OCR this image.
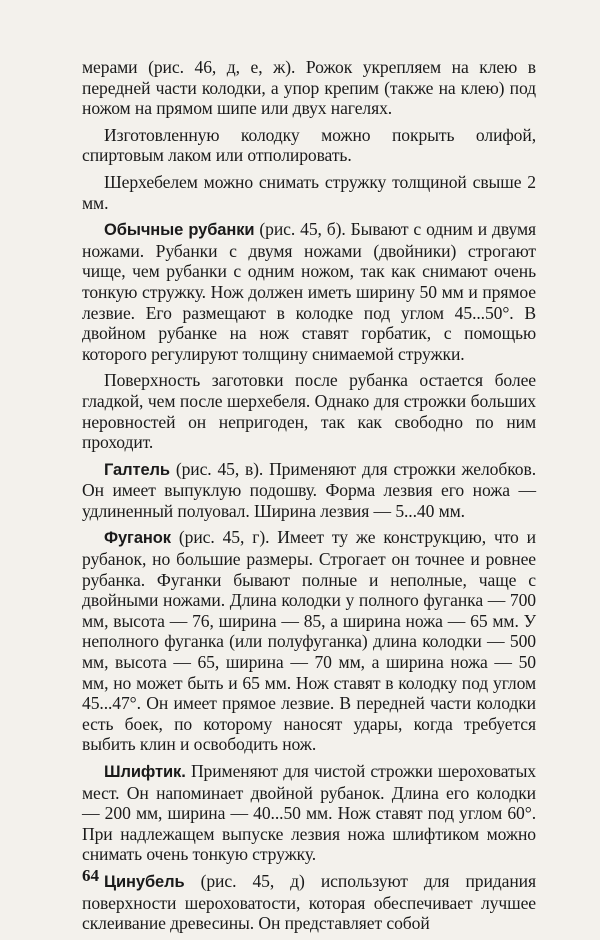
мерами (рис. 46, д, е, ж). Рожок укрепляем на клею в передней части колодки, а упор крепим (также на клею) под ножом на прямом шипе или двух нагелях.

Изготовленную колодку можно покрыть олифой, спиртовым лаком или отполировать.

Шерхебелем можно снимать стружку толщиной свыше 2 мм.

Обычные рубанки (рис. 45, б). Бывают с одним и двумя ножами. Рубанки с двумя ножами (двойники) строгают чище, чем рубанки с одним ножом, так как снимают очень тонкую стружку. Нож должен иметь ширину 50 мм и прямое лезвие. Его размещают в колодке под углом 45...50°. В двойном рубанке на нож ставят горбатик, с помощью которого регулируют толщину снимаемой стружки.

Поверхность заготовки после рубанка остается более гладкой, чем после шерхебеля. Однако для строжки больших неровностей он непригоден, так как свободно по ним проходит.

Галтель (рис. 45, в). Применяют для строжки желобков. Он имеет выпуклую подошву. Форма лезвия его ножа — удлиненный полуовал. Ширина лезвия — 5...40 мм.

Фуганок (рис. 45, г). Имеет ту же конструкцию, что и рубанок, но большие размеры. Строгает он точнее и ровнее рубанка. Фуганки бывают полные и неполные, чаще с двойными ножами. Длина колодки у полного фуганка — 700 мм, высота — 76, ширина — 85, а ширина ножа — 65 мм. У неполного фуганка (или полуфуганка) длина колодки — 500 мм, высота — 65, ширина — 70 мм, а ширина ножа — 50 мм, но может быть и 65 мм. Нож ставят в колодку под углом 45...47°. Он имеет прямое лезвие. В передней части колодки есть боек, по которому наносят удары, когда требуется выбить клин и освободить нож.

Шлифтик. Применяют для чистой строжки шероховатых мест. Он напоминает двойной рубанок. Длина его колодки — 200 мм, ширина — 40...50 мм. Нож ставят под углом 60°. При надлежащем выпуске лезвия ножа шлифтиком можно снимать очень тонкую стружку.

Цинубель (рис. 45, д) используют для придания поверхности шероховатости, которая обеспечивает лучшее склеивание древесины. Он представляет собой

64
